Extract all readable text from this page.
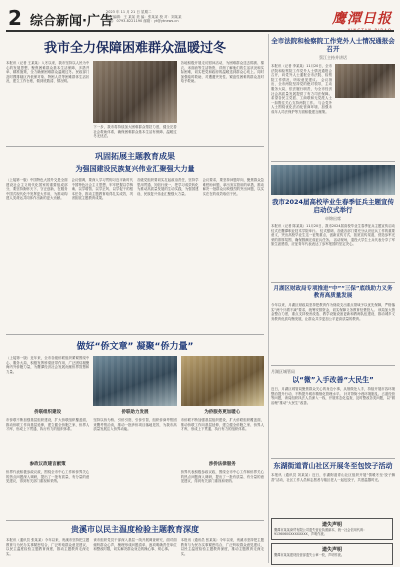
2 综合新闻·广告
2023 年 11 月 21 日 星期二
责任编辑：王 某某 美 编：张某某 校 对：刘某某
电话：0793-8221190 邮箱：yt@ytnews.cn	鹰潭日报
我市全力保障困难群众温暖过冬
本报讯（记者 王某某）入冬以来，我市坚持以人民为中心的发展思想，聚焦困难群众基本生活保障，多措并举、精准施策，全力确保困难群众温暖过冬。民政部门及时摸排辖区内低保对象、特困人员等困难群体生活状况，建立工作台账，做到底数清、情况明。
下一步，我市将持续加大困难群众帮扶力度，健全完善社会救助体系，确保困难群众基本生活有保障、温暖过冬无忧虑。
各地积极开展走访慰问活动，为困难群众送去棉被、棉衣、米面油等生活物资，详细了解他们的生活状况和实际困难，切实把党和政府的温暖送到群众心坎上。同时加强临时救助，对遭遇突发性、紧迫性困难的群众及时给予救助。
巩固拓展主题教育成果
为强国建设民族复兴伟业汇聚强大力量
（上接第一版）中国特色大国外交是全面建设社会主义现代化国家的重要组成部分，要坚持胸怀天下、守正创新，在服务中国式现代化中发挥更大作用，为推动构建人类命运共同体作出新的更大贡献。
会议强调，要深入学习贯彻习近平新时代中国特色社会主义思想，牢牢把握以学铸魂、以学增智、以学正风、以学促干的根本任务，推动主题教育取得扎实成效，巩固拓展主题教育成果。
各级党组织要切实扛起政治责任，坚持学思用贯通、知信行统一，把学习成效转化为推动高质量发展的生动实践，为强国建设、民族复兴伟业汇聚强大力量。
会议要求，要坚持问题导向，聚焦群众急难愁盼问题，拿出务实管用的举措，推动解决一批群众反映强烈的突出问题，以实实在在的成效取信于民。
做好“侨文章” 凝聚“侨力量”
（上接第一版）近年来，全市各级侨联组织紧紧围绕中心、服务大局，积极发挥桥梁纽带作用，广泛团结凝聚海内外侨胞力量，为鹰潭经济社会发展贡献侨界智慧和力量。
侨联组织建设
市侨联不断加强基层组织建设，扩大侨联组织覆盖面，推动侨联工作向基层延伸，建立健全侨胞之家、侨界人才库，形成上下贯通、执行有力的组织体系。
参政议政建言献策
侨界代表积极参政议政，围绕全市中心工作和侨界关心的热点问题深入调研，提出了一批有质量、有分量的意见建议，得到有关部门重视和采纳。
侨联助力发展
坚持以侨为桥、引侨引资、引侨引智，组织侨商考察团来鹰考察洽谈，推动一批涉侨项目落地见效，为我市高质量发展注入侨界动能。
为侨服务更加暖心
市侨联不断加强基层组织建设，扩大侨联组织覆盖面，推动侨联工作向基层延伸，建立健全侨胞之家、侨界人才库，形成上下贯通、执行有力的组织体系。
涉侨法律服务
侨界代表积极参政议政，围绕全市中心工作和侨界关心的热点问题深入调研，提出了一批有质量、有分量的意见建议，得到有关部门重视和采纳。
贵溪市以民主温度检验主题教育深度
本报讯（通讯员 张某某）今年以来，贵溪市坚持把主题教育与为民办实事紧密结合，广泛听取群众意见建议，以民主温度检验主题教育深度，推动主题教育走深走实。
该市组织党员干部深入基层一线开展调查研究，面对面倾听群众心声，梳理形成问题清单，逐项明确责任单位和整改时限，切实解决群众身边的操心事、烦心事。
本报讯（通讯员 张某某）今年以来，贵溪市坚持把主题教育与为民办实事紧密结合，广泛听取群众意见建议，以民主温度检验主题教育深度，推动主题教育走深走实。
全市法院和检察院工作党外人士情况通报会召开
蔡江主持并讲话
本报讯（记者 李某某）11月20日，全市法院和检察院工作党外人士情况通报会召开，向党外人士通报全市法院、检察院工作情况，听取意见建议。 会议指出，全市两院坚持党的绝对领导，主动服务大局，依法履行职责，为全市经济社会高质量发展提供了有力司法保障。希望各民主党派、工商联和无党派人士一如既往关心支持两院工作。 与会党外人士围绕优化法治化营商环境、加强未成年人司法保护等方面积极建言献策。
我市2024届高校毕业生春季征兵主题宣传启动仪式举行
卓锦出席
本报讯（记者 陈某某）11月20日，我市2024届高校毕业生春季征兵主题宣传启动仪式在鹰潭职业技术学院举行。 仪式强调，各级各部门要充分认识征兵工作的重要意义，突出高校毕业生这一征集重点，创新宣传方式，拓宽宣传渠道，营造参军光荣的浓厚氛围，确保圆满完成征兵任务。 活动现场，退役大学生士兵代表分享了军旅生涯感悟，应征青年代表表达了参军报国的坚定决心。
月湖区财政局专项推进“中”“三保”底线助力义务教育高质量发展
今年以来，月湖区财政局坚持把教育作为财政支出重点领域予以优先保障，严格落实“两个只增不减”要求，统筹安排资金，切实保障义务教育经费投入。 该局加大资金整合力度，重点支持校舍改造、教学设施设备更新和教师队伍建设，推动城乡义务教育优质均衡发展，让群众共享更加公平更高质量的教育。
月湖区城管局
以“微”入手改善“大民生”
近日，月湖区城管局聚焦群众关心的身边小事，从细微处入手，持续开展市容环境整治提升行动，不断提升城市精细化管理水平。 针对背街小巷环境脏乱、占道经营等问题，该局组织执法人员深入一线，开展常态化巡查，及时整改各类问题，以“微治理”推动“大民生”改善。
东湖街道青山社区开展冬至包饺子活动
本报讯（通讯员 刘某某）近日，东湖街道青山社区组织开展“情暖冬至·饺子飘香”活动，社区工作人员和志愿者与辖区老人一起包饺子，共度温馨时光。
遗失声明
鹰潭市某某商贸有限公司遗失营业执照副本，统一社会信用代码：91360600XXXXXXXX，声明作废。
遗失声明
鹰潭市某某建材经营部遗失公章一枚，声明作废。
